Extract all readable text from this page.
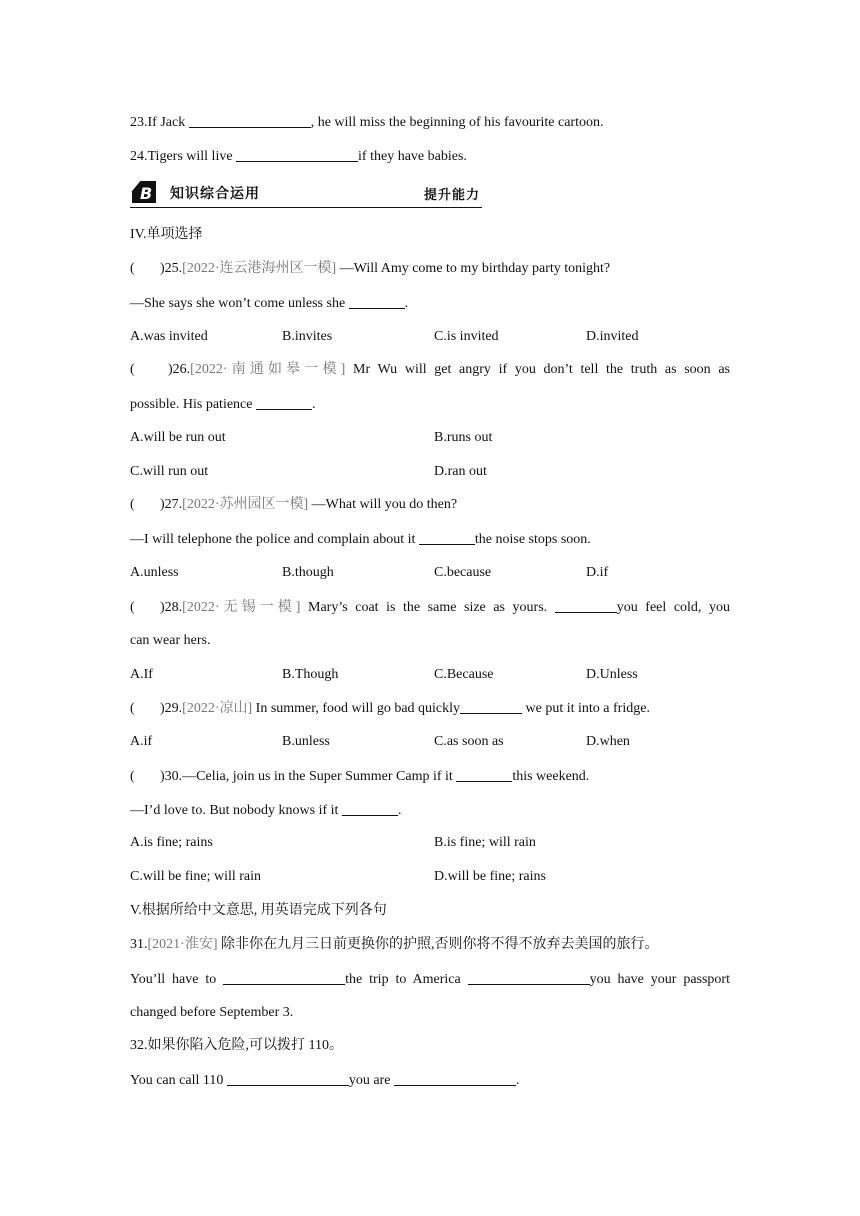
23.If Jack	, he will miss the beginning of his favourite cartoon.
24.Tigers will live	if they have babies.
B 知识综合运用	提升能力
IV.单项选择
( )25.[2022·连云港海州区一模] —Will Amy come to my birthday party tonight?
—She says she won’t come unless she	.
A.was invited	B.invites	C.is invited	D.invited
( )26.[2022·南通如皋一模] Mr Wu will get angry if you don’t tell the truth as soon as
possible. His patience	.
A.will be run out	B.runs out
C.will run out	D.ran out
( )27.[2022·苏州园区一模] —What will you do then?
—I will telephone the police and complain about it	the noise stops soon.
A.unless	B.though	C.because	D.if
( )28.[2022·无锡一模] Mary’s coat is the same size as yours.	you feel cold, you
can wear hers.
A.If	B.Though	C.Because	D.Unless
( )29.[2022·凉山] In summer, food will go bad quickly	we put it into a fridge.
A.if	B.unless	C.as soon as	D.when
( )30.—Celia, join us in the Super Summer Camp if it	this weekend.
—I’d love to. But nobody knows if it	.
A.is fine; rains	B.is fine; will rain
C.will be fine; will rain	D.will be fine; rains
V.根据所给中文意思, 用英语完成下列各句
31.[2021·淮安] 除非你在九月三日前更换你的护照,否则你将不得不放弃去美国的旅行。
You’ll have to	the trip to America	you have your passport
changed before September 3.
32.如果你陷入危险,可以拨打 110。
You can call 110	you are	.
